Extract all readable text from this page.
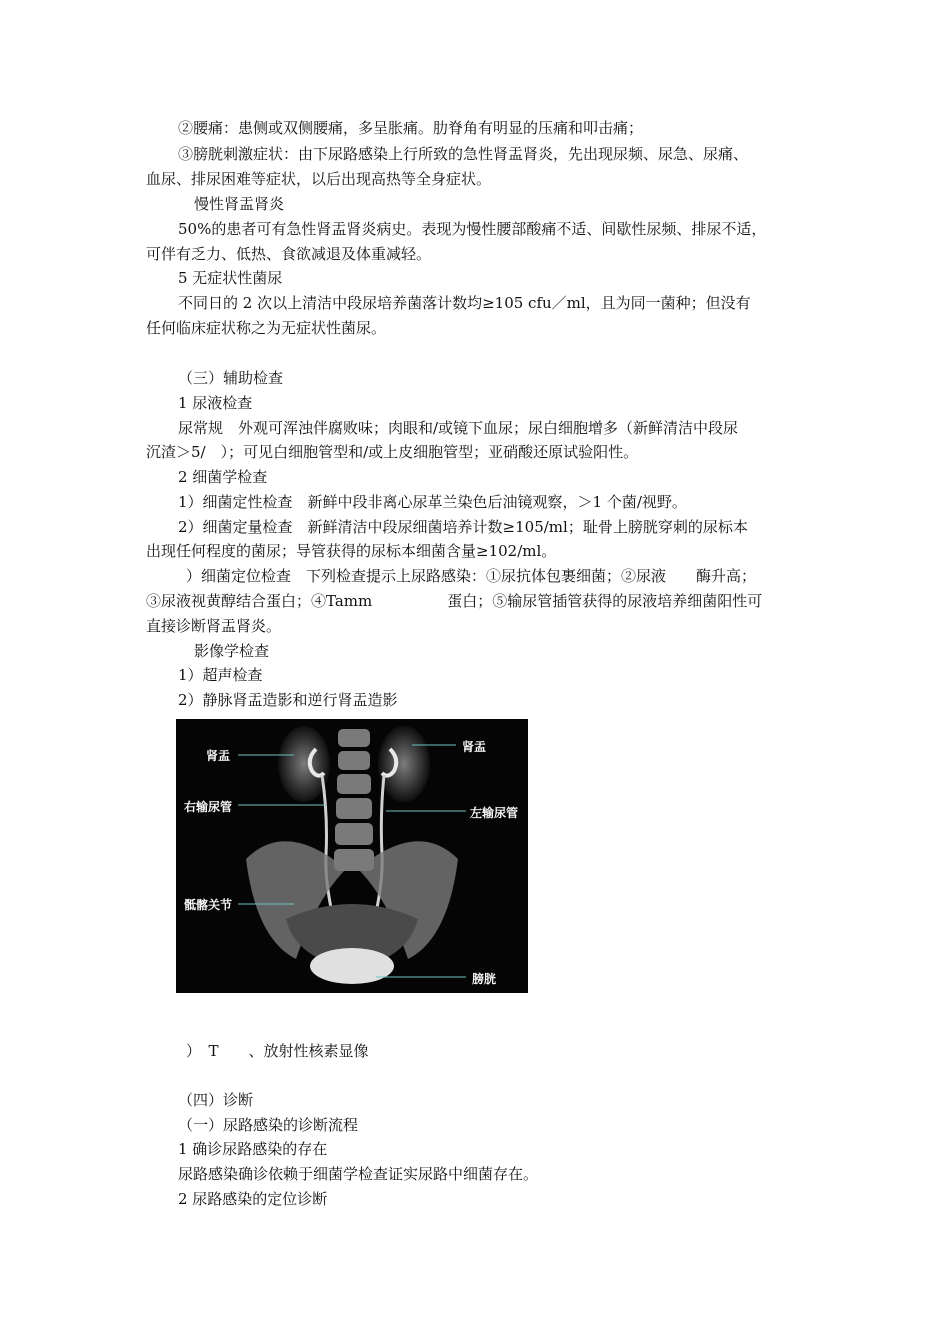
②腰痛：患侧或双侧腰痛，多呈胀痛。肋脊角有明显的压痛和叩击痛；
③膀胱刺激症状：由下尿路感染上行所致的急性肾盂肾炎，先出现尿频、尿急、尿痛、
血尿、排尿困难等症状，以后出现高热等全身症状。
慢性肾盂肾炎
50%的患者可有急性肾盂肾炎病史。表现为慢性腰部酸痛不适、间歇性尿频、排尿不适，
可伴有乏力、低热、食欲减退及体重减轻。
5 无症状性菌尿
不同日的 2 次以上清洁中段尿培养菌落计数均≥105 cfu／ml，且为同一菌种；但没有
任何临床症状称之为无症状性菌尿。
（三）辅助检查
1 尿液检查
尿常规　外观可浑浊伴腐败味；肉眼和/或镜下血尿；尿白细胞增多（新鲜清洁中段尿
沉渣＞5/　）；可见白细胞管型和/或上皮细胞管型；亚硝酸还原试验阳性。
2 细菌学检查
1）细菌定性检查　新鲜中段非离心尿革兰染色后油镜观察，＞1 个菌/视野。
2）细菌定量检查　新鲜清洁中段尿细菌培养计数≥105/ml；耻骨上膀胱穿刺的尿标本
出现任何程度的菌尿；导管获得的尿标本细菌含量≥102/ml。
）细菌定位检查　下列检查提示上尿路感染：①尿抗体包裹细菌；②尿液　　酶升高；
③尿液视黄醇结合蛋白；④Tamm　　　　　蛋白；⑤输尿管插管获得的尿液培养细菌阳性可
直接诊断肾盂肾炎。
影像学检查
1）超声检查
2）静脉肾盂造影和逆行肾盂造影
肾盂
肾盂
右输尿管	左输尿管
骶髂关节
膀胱
）　T　　、放射性核素显像
（四）诊断
（一）尿路感染的诊断流程
1 确诊尿路感染的存在
尿路感染确诊依赖于细菌学检查证实尿路中细菌存在。
2 尿路感染的定位诊断
